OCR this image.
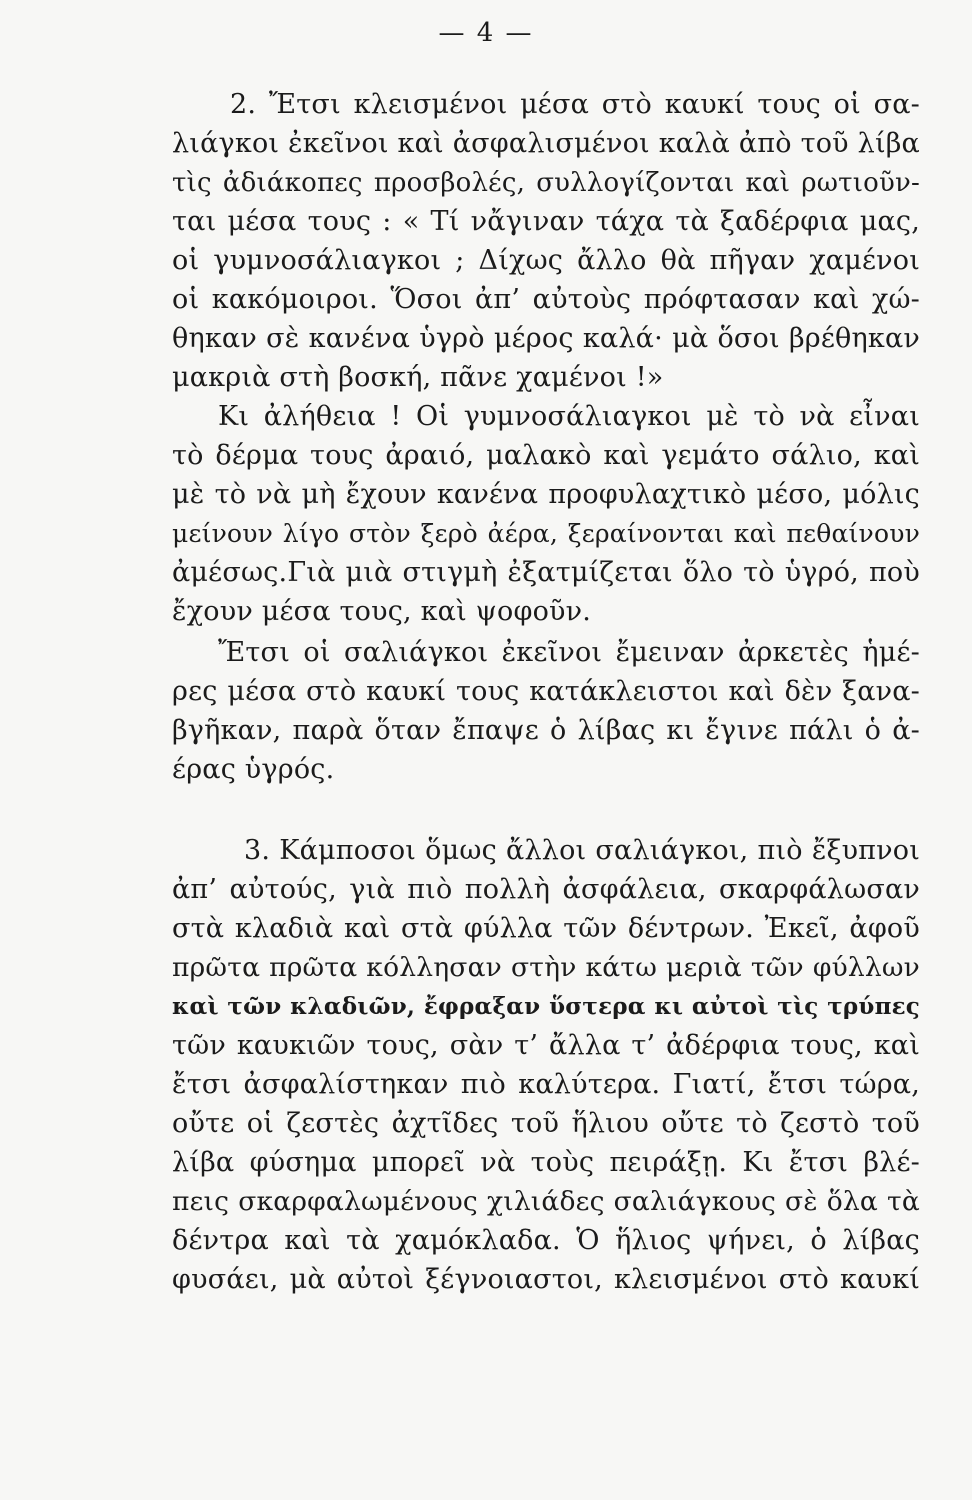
— 4 —
2. Ἔτσι κλεισμένοι μέσα στὸ καυκί τους οἱ σα-
λιάγκοι ἐκεῖνοι καὶ ἀσφαλισμένοι καλὰ ἀπὸ τοῦ λίβα
τὶς ἀδιάκοπες προσβολές, συλλογίζονται καὶ ρωτιοῦν-
ται μέσα τους : « Τί νἄγιναν τάχα τὰ ξαδέρφια μας,
οἱ γυμνοσάλιαγκοι ; Δίχως ἄλλο θὰ πῆγαν χαμένοι
οἱ κακόμοιροι. Ὅσοι ἀπ’ αὐτοὺς πρόφτασαν καὶ χώ-
θηκαν σὲ κανένα ὑγρὸ μέρος καλά· μὰ ὅσοι βρέθηκαν
μακριὰ στὴ βοσκή, πᾶνε χαμένοι !»
Κι ἀλήθεια ! Οἱ γυμνοσάλιαγκοι μὲ τὸ νὰ εἶναι
τὸ δέρμα τους ἀραιό, μαλακὸ καὶ γεμάτο σάλιο, καὶ
μὲ τὸ νὰ μὴ ἔχουν κανένα προφυλαχτικὸ μέσο, μόλις
μείνουν λίγο στὸν ξερὸ ἀέρα, ξεραίνονται καὶ πεθαίνουν
ἀμέσως.Γιὰ μιὰ στιγμὴ ἐξατμίζεται ὅλο τὸ ὑγρό, ποὺ
ἔχουν μέσα τους, καὶ ψοφοῦν.
Ἔτσι οἱ σαλιάγκοι ἐκεῖνοι ἔμειναν ἀρκετὲς ἡμέ-
ρες μέσα στὸ καυκί τους κατάκλειστοι καὶ δὲν ξανα-
βγῆκαν, παρὰ ὅταν ἔπαψε ὁ λίβας κι ἔγινε πάλι ὁ ἀ-
έρας ὑγρός.
3. Κάμποσοι ὅμως ἄλλοι σαλιάγκοι, πιὸ ἔξυπνοι
ἀπ’ αὐτούς, γιὰ πιὸ πολλὴ ἀσφάλεια, σκαρφάλωσαν
στὰ κλαδιὰ καὶ στὰ φύλλα τῶν δέντρων. Ἐκεῖ, ἀφοῦ
πρῶτα πρῶτα κόλλησαν στὴν κάτω μεριὰ τῶν φύλλων
καὶ τῶν κλαδιῶν, ἔφραξαν ὕστερα κι αὐτοὶ τὶς τρύπες
τῶν καυκιῶν τους, σὰν τ’ ἄλλα τ’ ἀδέρφια τους, καὶ
ἔτσι ἀσφαλίστηκαν πιὸ καλύτερα. Γιατί, ἔτσι τώρα,
οὔτε οἱ ζεστὲς ἀχτῖδες τοῦ ἥλιου οὔτε τὸ ζεστὸ τοῦ
λίβα φύσημα μπορεῖ νὰ τοὺς πειράξῃ. Κι ἔτσι βλέ-
πεις σκαρφαλωμένους χιλιάδες σαλιάγκους σὲ ὅλα τὰ
δέντρα καὶ τὰ χαμόκλαδα. Ὁ ἥλιος ψήνει, ὁ λίβας
φυσάει, μὰ αὐτοὶ ξέγνοιαστοι, κλεισμένοι στὸ καυκί
